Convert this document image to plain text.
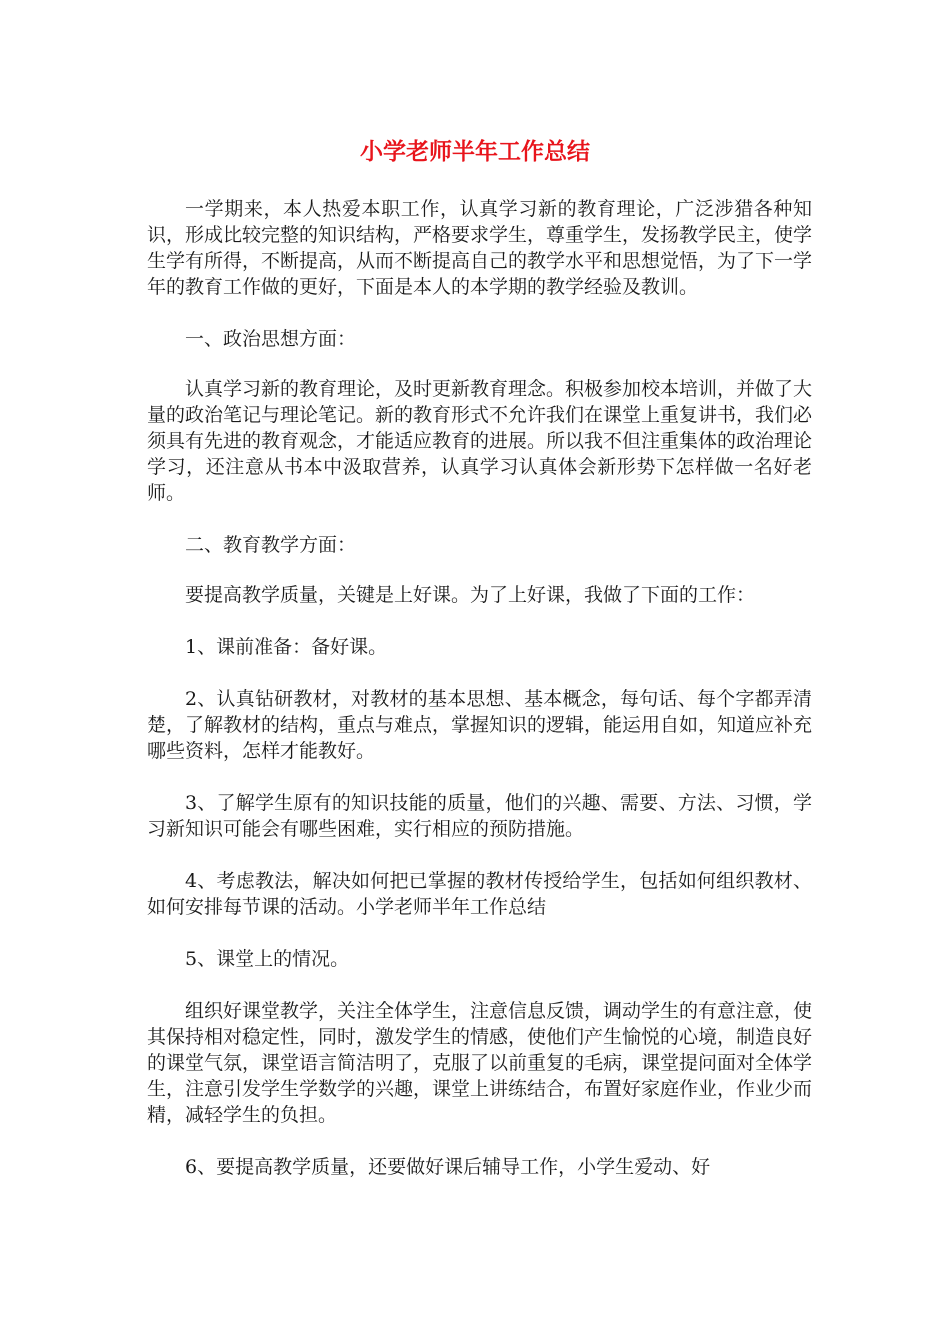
小学老师半年工作总结

一学期来，本人热爱本职工作，认真学习新的教育理论，广泛涉猎各种知识，形成比较完整的知识结构，严格要求学生，尊重学生，发扬教学民主，使学生学有所得，不断提高，从而不断提高自己的教学水平和思想觉悟，为了下一学年的教育工作做的更好，下面是本人的本学期的教学经验及教训。

一、政治思想方面：

认真学习新的教育理论，及时更新教育理念。积极参加校本培训，并做了大量的政治笔记与理论笔记。新的教育形式不允许我们在课堂上重复讲书，我们必须具有先进的教育观念，才能适应教育的进展。所以我不但注重集体的政治理论学习，还注意从书本中汲取营养，认真学习认真体会新形势下怎样做一名好老师。

二、教育教学方面：

要提高教学质量，关键是上好课。为了上好课，我做了下面的工作：

1、课前准备：备好课。

2、认真钻研教材，对教材的基本思想、基本概念，每句话、每个字都弄清楚，了解教材的结构，重点与难点，掌握知识的逻辑，能运用自如，知道应补充哪些资料，怎样才能教好。

3、了解学生原有的知识技能的质量，他们的兴趣、需要、方法、习惯，学习新知识可能会有哪些困难，实行相应的预防措施。

4、考虑教法，解决如何把已掌握的教材传授给学生，包括如何组织教材、如何安排每节课的活动。小学老师半年工作总结

5、课堂上的情况。

组织好课堂教学，关注全体学生，注意信息反馈，调动学生的有意注意，使其保持相对稳定性，同时，激发学生的情感，使他们产生愉悦的心境，制造良好的课堂气氛，课堂语言简洁明了，克服了以前重复的毛病，课堂提问面对全体学生，注意引发学生学数学的兴趣，课堂上讲练结合，布置好家庭作业，作业少而精，减轻学生的负担。

6、要提高教学质量，还要做好课后辅导工作，小学生爱动、好
